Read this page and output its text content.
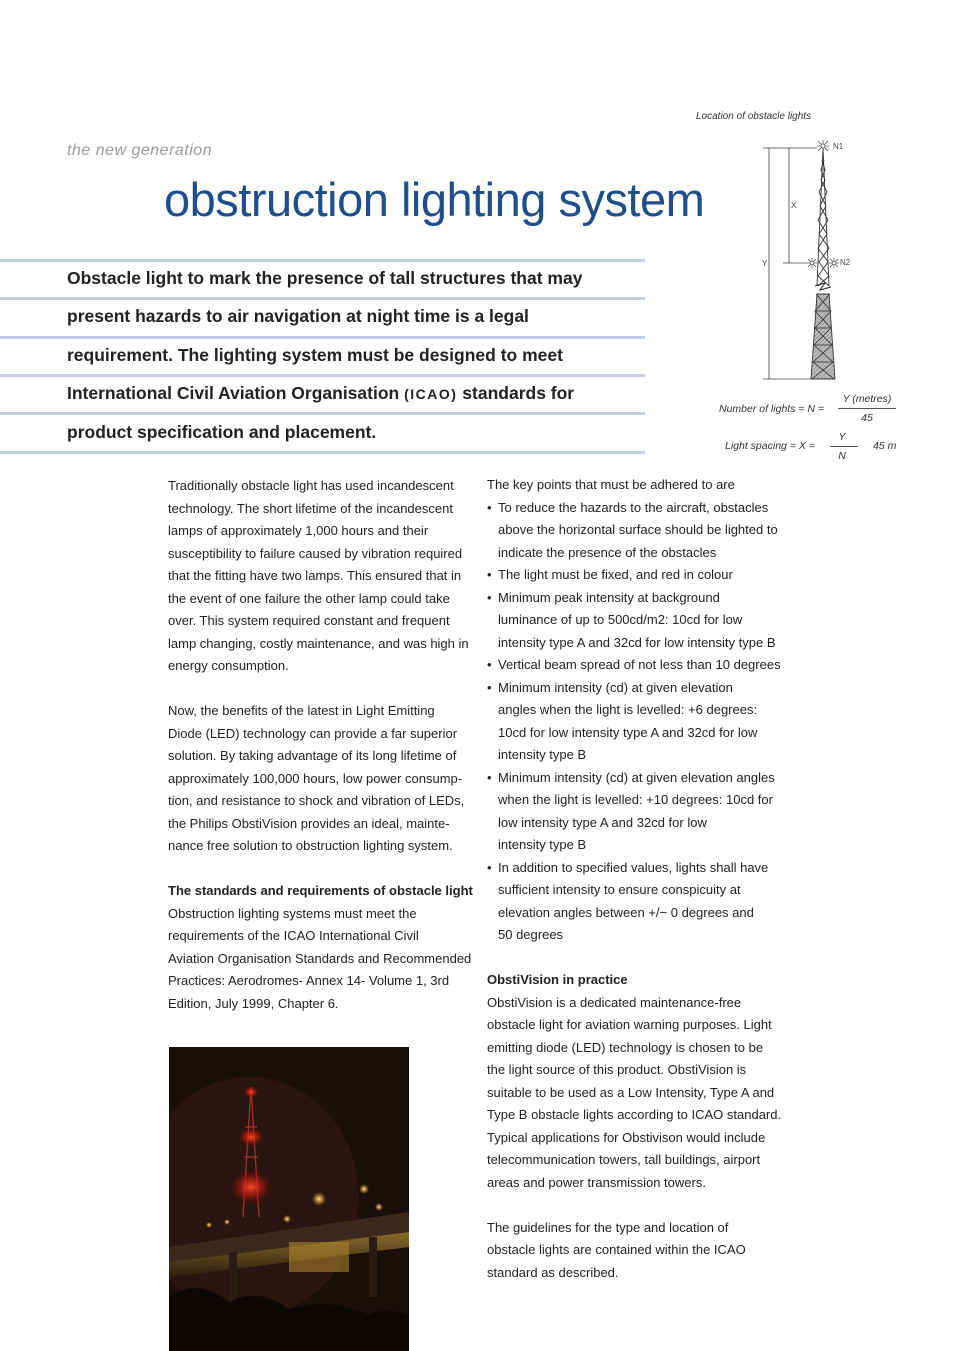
the new generation
obstruction lighting system
Obstacle light to mark the presence of tall structures that may
present hazards to air navigation at night time is a legal
requirement. The lighting system must be designed to meet
International Civil Aviation Organisation (ICAO) standards for
product specification and placement.
Location of obstacle lights
Y
X
N1
N2
Number of lights = N =
Y (metres)
45
Light spacing = X =
Y
N
45 m

Traditionally obstacle light has used incandescent

technology. The short lifetime of the incandescent

lamps of approximately 1,000 hours and their

susceptibility to failure caused by vibration required

that the fitting have two lamps. This ensured that in

the event of one failure the other lamp could take

over. This system required constant and frequent

lamp changing, costly maintenance, and was high in

energy consumption.

Now, the benefits of the latest in Light Emitting

Diode (LED) technology can provide a far superior

solution. By taking advantage of its long lifetime of

approximately 100,000 hours, low power consump-

tion, and resistance to shock and vibration of LEDs,

the Philips ObstiVision provides an ideal, mainte-

nance free solution to obstruction lighting system.

The standards and requirements of obstacle light

Obstruction lighting systems must meet the

requirements of the ICAO International Civil

Aviation Organisation Standards and Recommended

Practices: Aerodromes- Annex 14- Volume 1, 3rd

Edition, July 1999, Chapter 6.

The key points that must be adhered to are

• To reduce the hazards to the aircraft, obstacles

above the horizontal surface should be lighted to

indicate the presence of the obstacles

• The light must be fixed, and red in colour

• Minimum peak intensity at background

luminance of up to 500cd/m2: 10cd for low

intensity type A and 32cd for low intensity type B

• Vertical beam spread of not less than 10 degrees

• Minimum intensity (cd) at given elevation

angles when the light is levelled: +6 degrees:

10cd for low intensity type A and 32cd for low

intensity type B

• Minimum intensity (cd) at given elevation angles

when the light is levelled: +10 degrees: 10cd for

low intensity type A and 32cd for low

intensity type B

• In addition to specified values, lights shall have

sufficient intensity to ensure conspicuity at

elevation angles between +/− 0 degrees and

50 degrees

ObstiVision in practice

ObstiVision is a dedicated maintenance-free

obstacle light for aviation warning purposes. Light

emitting diode (LED) technology is chosen to be

the light source of this product. ObstiVision is

suitable to be used as a Low Intensity, Type A and

Type B obstacle lights according to ICAO standard.

Typical applications for Obstivison would include

telecommunication towers, tall buildings, airport

areas and power transmission towers.

The guidelines for the type and location of

obstacle lights are contained within the ICAO

standard as described.
